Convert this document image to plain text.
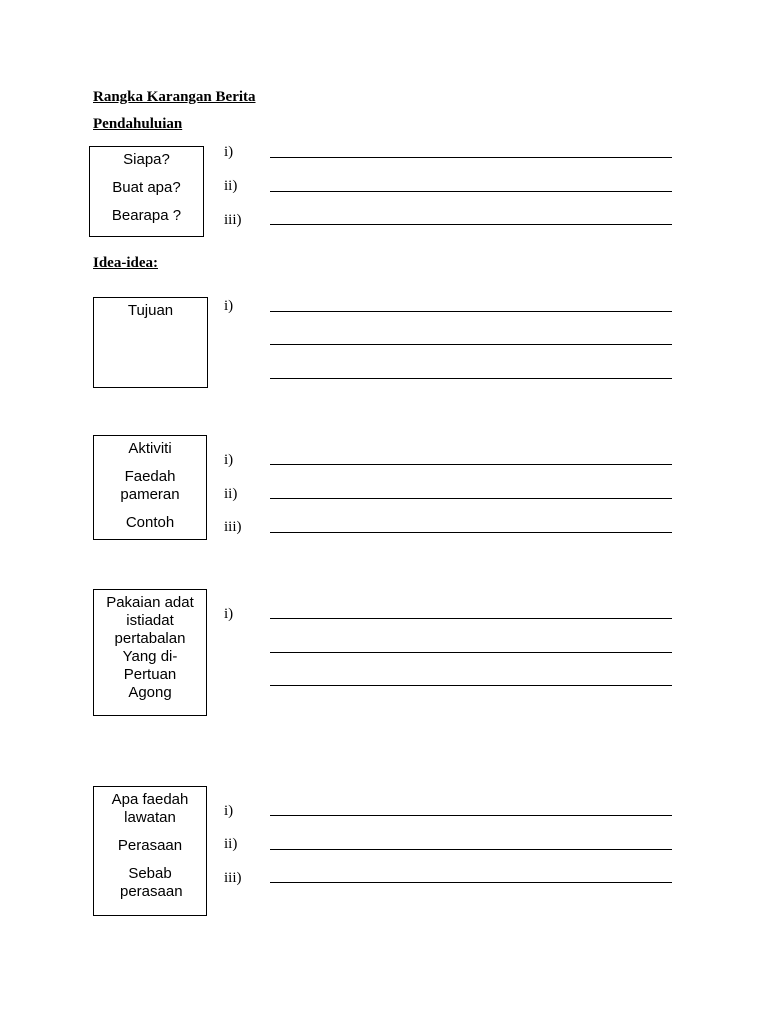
Rangka Karangan Berita
Pendahuluian
Siapa?
Buat apa?
Bearapa ?
i)
ii)
iii)
Idea-idea:
Tujuan	i)
Aktiviti
Faedah pameran
Contoh
i)
ii)
iii)
Pakaian adat istiadat pertabalan Yang di-Pertuan Agong
i)
Apa faedah lawatan
Perasaan
Sebab perasaan
i)
ii)
iii)
